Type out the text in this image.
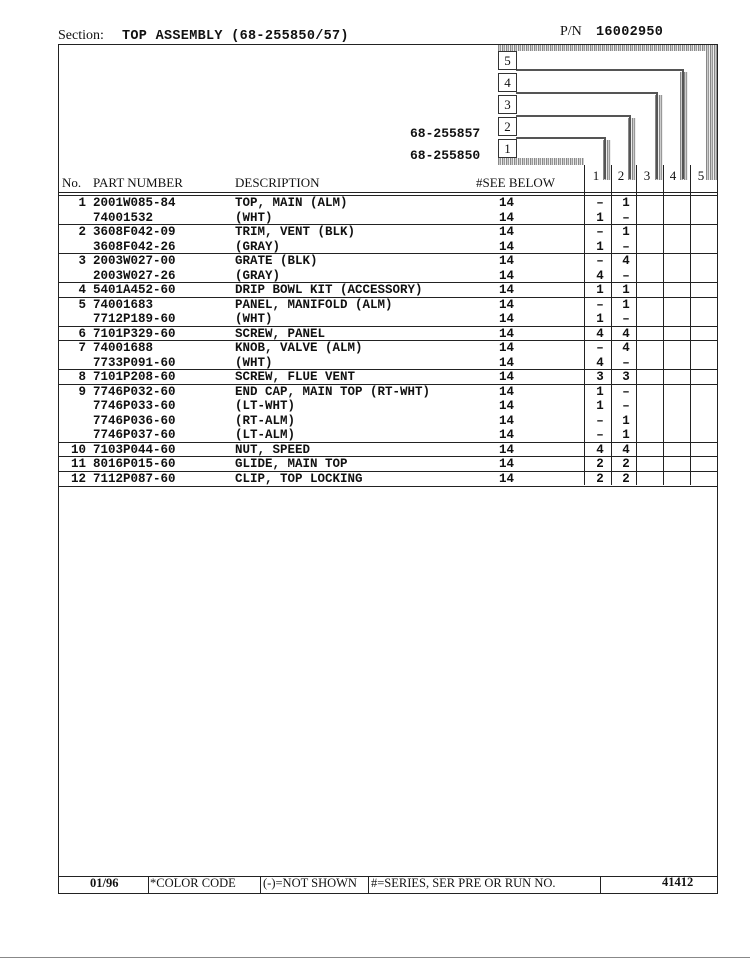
Section: TOP ASSEMBLY (68-255850/57)	P/N 16002950
5
4
3
2
1
68-255857
68-255850
No. PART NUMBER	DESCRIPTION	#SEE BELOW	1 2 3 4 5
1 2001W085-84	TOP, MAIN (ALM)	14	– 1
74001532	(WHT)	14	1 –
2 3608F042-09	TRIM, VENT (BLK)	14	– 1
3608F042-26	(GRAY)	14	1 –
3 2003W027-00	GRATE (BLK)	14	– 4
2003W027-26	(GRAY)	14	4 –
4 5401A452-60	DRIP BOWL KIT (ACCESSORY)	14	1 1
5 74001683	PANEL, MANIFOLD (ALM)	14	– 1
7712P189-60	(WHT)	14	1 –
6 7101P329-60	SCREW, PANEL	14	4 4
7 74001688	KNOB, VALVE (ALM)	14	– 4
7733P091-60	(WHT)	14	4 –
8 7101P208-60	SCREW, FLUE VENT	14	3 3
9 7746P032-60	END CAP, MAIN TOP (RT-WHT)	14	1 –
7746P033-60	(LT-WHT)	14	1 –
7746P036-60	(RT-ALM)	14	– 1
7746P037-60	(LT-ALM)	14	– 1
10 7103P044-60	NUT, SPEED	14	4 4
11 8016P015-60	GLIDE, MAIN TOP	14	2 2
12 7112P087-60	CLIP, TOP LOCKING	14	2 2
01/96	*COLOR CODE (-)=NOT SHOWN #=SERIES, SER PRE OR RUN NO.	41412
